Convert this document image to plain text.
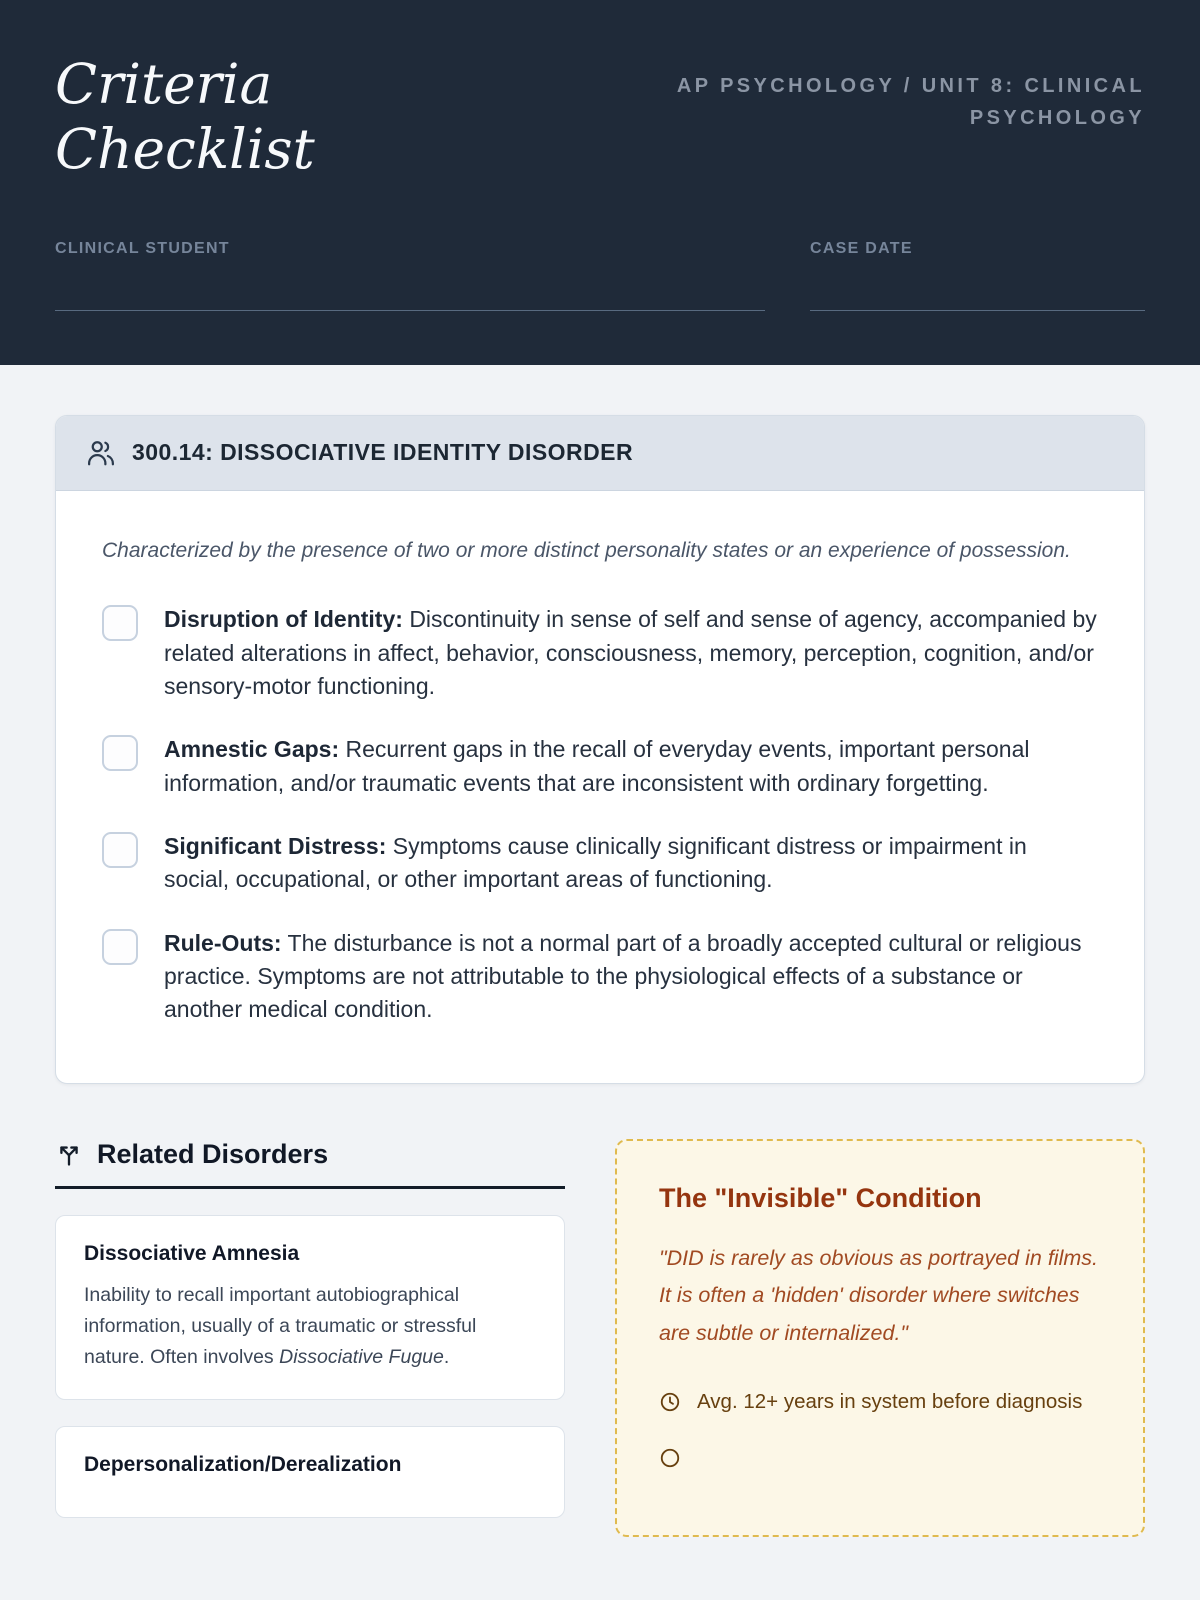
Criteria
Checklist
AP PSYCHOLOGY / UNIT 8: CLINICAL PSYCHOLOGY
CLINICAL STUDENT	CASE DATE
300.14: DISSOCIATIVE IDENTITY DISORDER

Characterized by the presence of two or more distinct personality states or an experience of possession.

Disruption of Identity: Discontinuity in sense of self and sense of agency, accompanied by related alterations in affect, behavior, consciousness, memory, perception, cognition, and/or sensory-motor functioning.

Amnestic Gaps: Recurrent gaps in the recall of everyday events, important personal information, and/or traumatic events that are inconsistent with ordinary forgetting.

Significant Distress: Symptoms cause clinically significant distress or impairment in social, occupational, or other important areas of functioning.

Rule-Outs: The disturbance is not a normal part of a broadly accepted cultural or religious practice. Symptoms are not attributable to the physiological effects of a substance or another medical condition.

Related Disorders
Dissociative Amnesia

Inability to recall important autobiographical information, usually of a traumatic or stressful nature. Often involves Dissociative Fugue.

Depersonalization/Derealization
The "Invisible" Condition

"DID is rarely as obvious as portrayed in films. It is often a 'hidden' disorder where switches are subtle or internalized."

Avg. 12+ years in system before diagnosis
